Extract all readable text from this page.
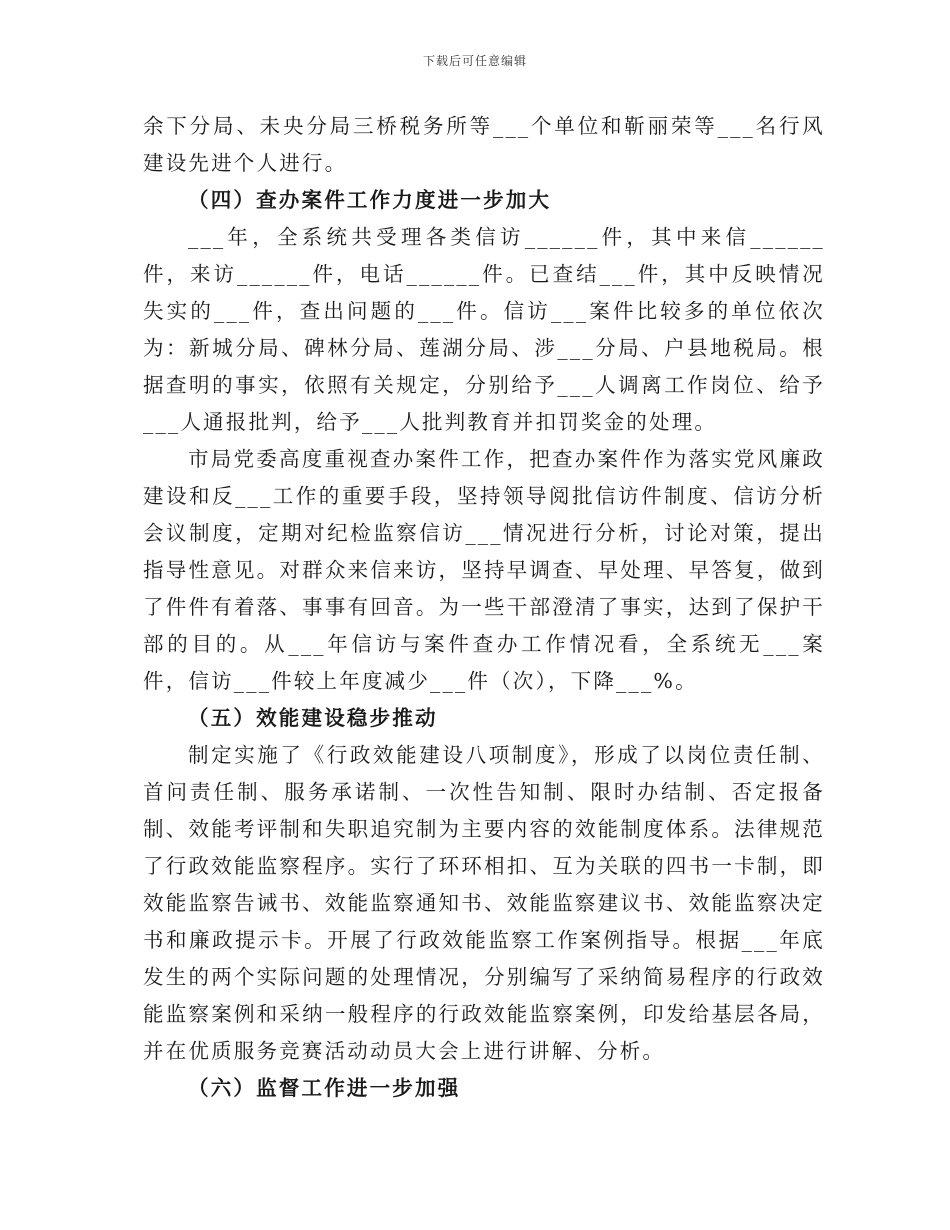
下载后可任意编辑

余下分局、未央分局三桥税务所等___个单位和靳丽荣等___名行风建设先进个人进行。

（四）查办案件工作力度进一步加大

___年，全系统共受理各类信访______件，其中来信______件，来访______件，电话______件。已查结___件，其中反映情况失实的___件，查出问题的___件。信访___案件比较多的单位依次为：新城分局、碑林分局、莲湖分局、涉___分局、户县地税局。根据查明的事实，依照有关规定，分别给予___人调离工作岗位、给予___人通报批判，给予___人批判教育并扣罚奖金的处理。

市局党委高度重视查办案件工作，把查办案件作为落实党风廉政建设和反___工作的重要手段，坚持领导阅批信访件制度、信访分析会议制度，定期对纪检监察信访___情况进行分析，讨论对策，提出指导性意见。对群众来信来访，坚持早调查、早处理、早答复，做到了件件有着落、事事有回音。为一些干部澄清了事实，达到了保护干部的目的。从___年信访与案件查办工作情况看，全系统无___案件，信访___件较上年度减少___件（次），下降___%。

（五）效能建设稳步推动

制定实施了《行政效能建设八项制度》，形成了以岗位责任制、首问责任制、服务承诺制、一次性告知制、限时办结制、否定报备制、效能考评制和失职追究制为主要内容的效能制度体系。法律规范了行政效能监察程序。实行了环环相扣、互为关联的四书一卡制，即效能监察告诫书、效能监察通知书、效能监察建议书、效能监察决定书和廉政提示卡。开展了行政效能监察工作案例指导。根据___年底发生的两个实际问题的处理情况，分别编写了采纳简易程序的行政效能监察案例和采纳一般程序的行政效能监察案例，印发给基层各局，并在优质服务竞赛活动动员大会上进行讲解、分析。

（六）监督工作进一步加强
